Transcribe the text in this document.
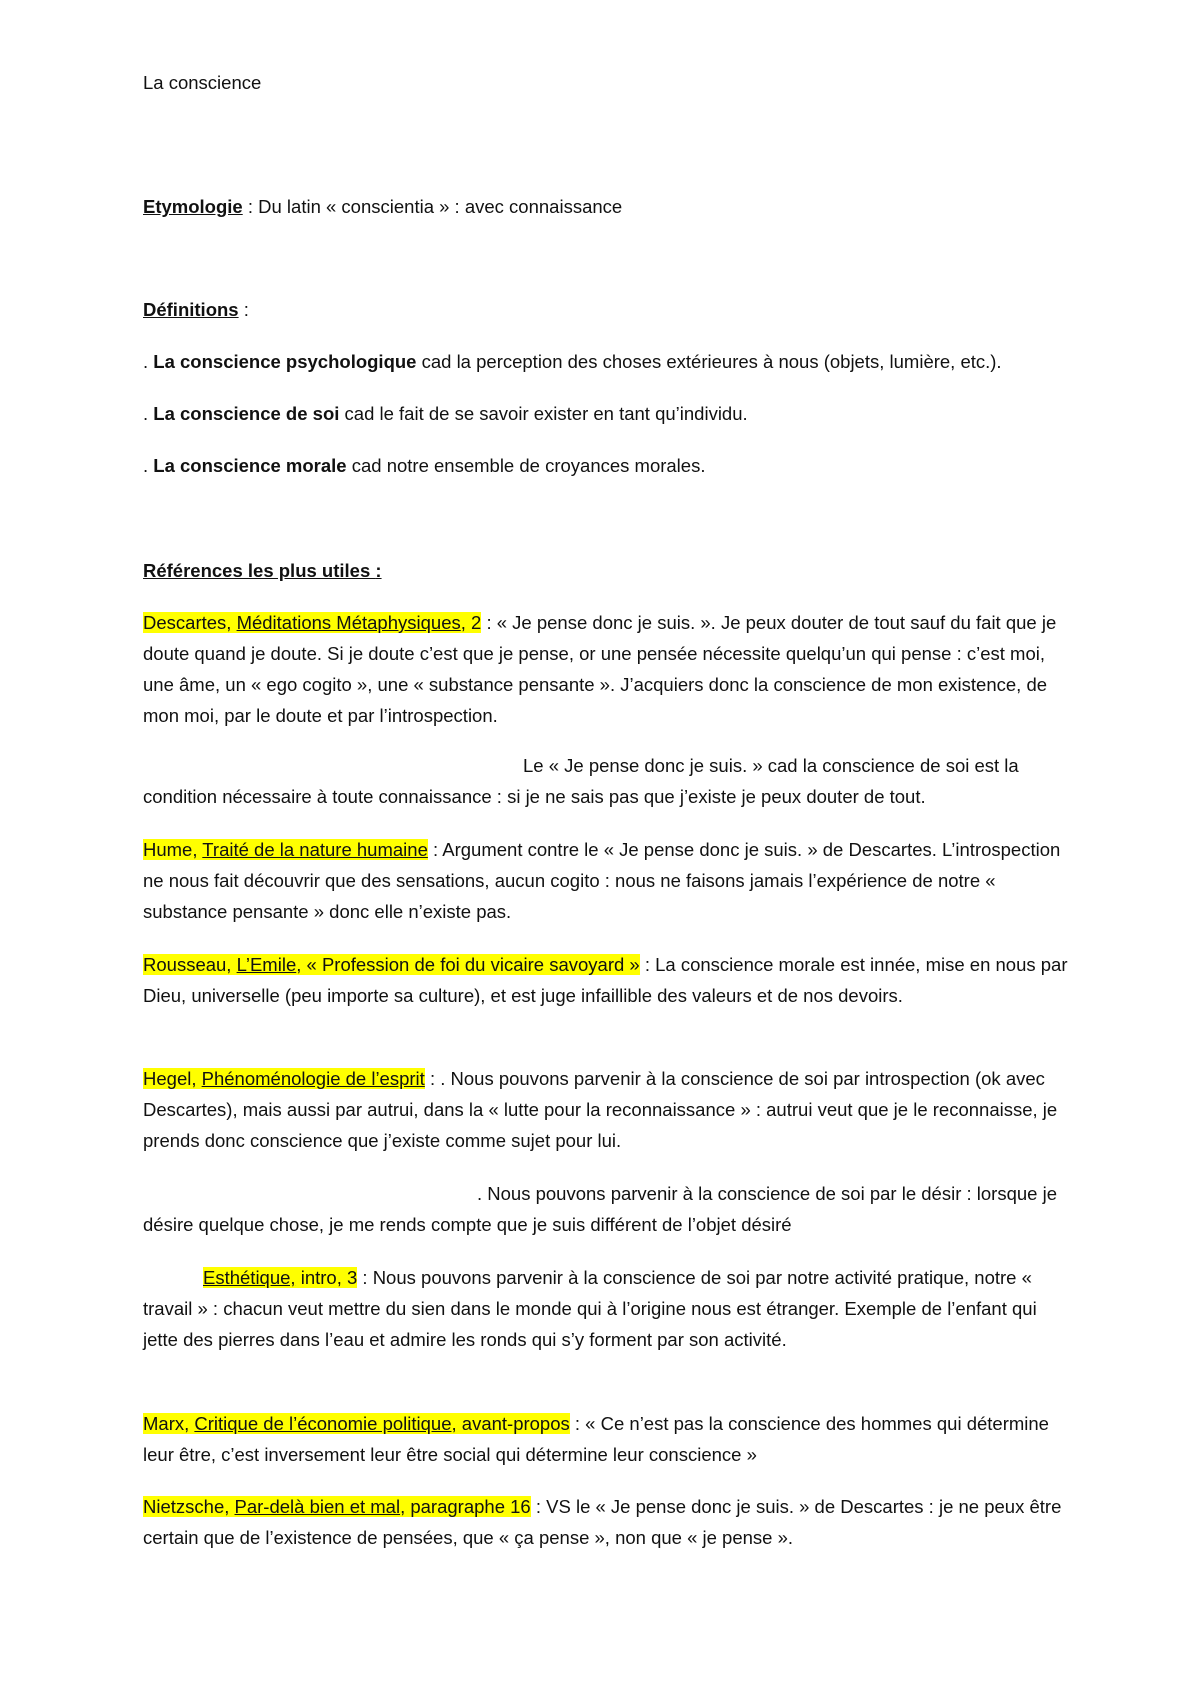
La conscience
Etymologie : Du latin « conscientia » : avec connaissance
Définitions :
. La conscience psychologique cad la perception des choses extérieures à nous (objets, lumière, etc.).
. La conscience de soi cad le fait de se savoir exister en tant qu’individu.
. La conscience morale cad notre ensemble de croyances morales.
Références les plus utiles :
Descartes, Méditations Métaphysiques, 2 : « Je pense donc je suis. ». Je peux douter de tout sauf du fait que je doute quand je doute. Si je doute c’est que je pense, or une pensée nécessite quelqu’un qui pense : c’est moi, une âme, un « ego cogito », une « substance pensante ». J’acquiers donc la conscience de mon existence, de mon moi, par le doute et par l’introspection.
Le « Je pense donc je suis. » cad la conscience de soi est la condition nécessaire à toute connaissance : si je ne sais pas que j’existe je peux douter de tout.
Hume, Traité de la nature humaine : Argument contre le « Je pense donc je suis. » de Descartes. L’introspection ne nous fait découvrir que des sensations, aucun cogito : nous ne faisons jamais l’expérience de notre « substance pensante » donc elle n’existe pas.
Rousseau, L’Emile, « Profession de foi du vicaire savoyard » : La conscience morale est innée, mise en nous par Dieu, universelle (peu importe sa culture), et est juge infaillible des valeurs et de nos devoirs.
Hegel, Phénoménologie de l’esprit : . Nous pouvons parvenir à la conscience de soi par introspection (ok avec Descartes), mais aussi par autrui, dans la « lutte pour la reconnaissance » : autrui veut que je le reconnaisse, je prends donc conscience que j’existe comme sujet pour lui.
. Nous pouvons parvenir à la conscience de soi par le désir : lorsque je désire quelque chose, je me rends compte que je suis différent de l’objet désiré
Esthétique, intro, 3 : Nous pouvons parvenir à la conscience de soi par notre activité pratique, notre « travail » : chacun veut mettre du sien dans le monde qui à l’origine nous est étranger. Exemple de l’enfant qui jette des pierres dans l’eau et admire les ronds qui s’y forment par son activité.
Marx, Critique de l’économie politique, avant-propos : « Ce n’est pas la conscience des hommes qui détermine leur être, c’est inversement leur être social qui détermine leur conscience »
Nietzsche, Par-delà bien et mal, paragraphe 16 : VS le « Je pense donc je suis. » de Descartes : je ne peux être certain que de l’existence de pensées, que « ça pense », non que « je pense ».
